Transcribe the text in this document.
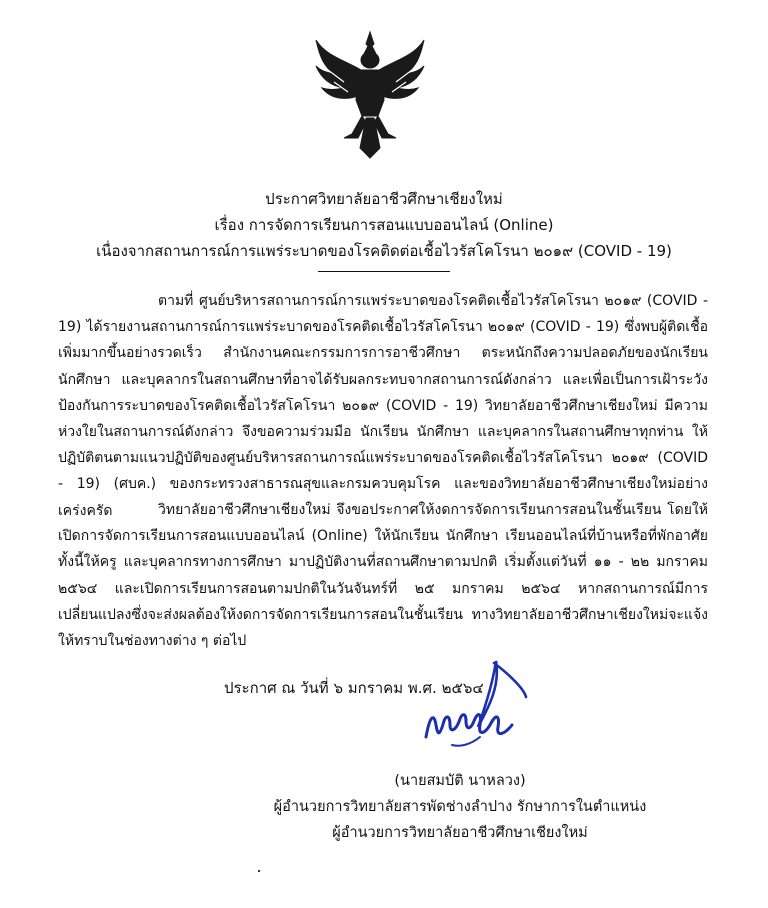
ประกาศวิทยาลัยอาชีวศึกษาเชียงใหม่
เรื่อง การจัดการเรียนการสอนแบบออนไลน์ (Online)
เนื่องจากสถานการณ์การแพร่ระบาดของโรคติดต่อเชื้อไวรัสโคโรนา ๒๐๑๙ (COVID - 19)

ตามที่ ศูนย์บริหารสถานการณ์การแพร่ระบาดของโรคติดเชื้อไวรัสโคโรนา ๒๐๑๙ (COVID - 19) ได้รายงานสถานการณ์การแพร่ระบาดของโรคติดเชื้อไวรัสโคโรนา ๒๐๑๙ (COVID - 19) ซึ่งพบผู้ติดเชื้อเพิ่มมากขึ้นอย่างรวดเร็ว สำนักงานคณะกรรมการการอาชีวศึกษา ตระหนักถึงความปลอดภัยของนักเรียน นักศึกษา และบุคลากรในสถานศึกษาที่อาจได้รับผลกระทบจากสถานการณ์ดังกล่าว และเพื่อเป็นการเฝ้าระวังป้องกันการระบาดของโรคติดเชื้อไวรัสโคโรนา ๒๐๑๙ (COVID - 19) วิทยาลัยอาชีวศึกษาเชียงใหม่ มีความห่วงใยในสถานการณ์ดังกล่าว จึงขอความร่วมมือ นักเรียน นักศึกษา และบุคลากรในสถานศึกษาทุกท่าน ให้ปฏิบัติตนตามแนวปฏิบัติของศูนย์บริหารสถานการณ์แพร่ระบาดของโรคติดเชื้อไวรัสโคโรนา ๒๐๑๙ (COVID - 19) (ศบค.) ของกระทรวงสาธารณสุขและกรมควบคุมโรค และของวิทยาลัยอาชีวศึกษาเชียงใหม่อย่างเคร่งครัด	วิทยาลัยอาชีวศึกษาเชียงใหม่ จึงขอประกาศให้งดการจัดการเรียนการสอนในชั้นเรียน โดยให้เปิดการจัดการเรียนการสอนแบบออนไลน์ (Online) ให้นักเรียน นักศึกษา เรียนออนไลน์ที่บ้านหรือที่พักอาศัย ทั้งนี้ให้ครู และบุคลากรทางการศึกษา มาปฏิบัติงานที่สถานศึกษาตามปกติ เริ่มตั้งแต่วันที่ ๑๑ - ๒๒ มกราคม ๒๕๖๔ และเปิดการเรียนการสอนตามปกติในวันจันทร์ที่ ๒๕ มกราคม ๒๕๖๔ หากสถานการณ์มีการเปลี่ยนแปลงซึ่งจะส่งผลต้องให้งดการจัดการเรียนการสอนในชั้นเรียน ทางวิทยาลัยอาชีวศึกษาเชียงใหม่จะแจ้งให้ทราบในช่องทางต่าง ๆ ต่อไป

ประกาศ ณ วันที่ ๖ มกราคม พ.ศ. ๒๕๖๔
(นายสมบัติ นาหลวง)
ผู้อำนวยการวิทยาลัยสารพัดช่างลำปาง รักษาการในตำแหน่ง
ผู้อำนวยการวิทยาลัยอาชีวศึกษาเชียงใหม่
